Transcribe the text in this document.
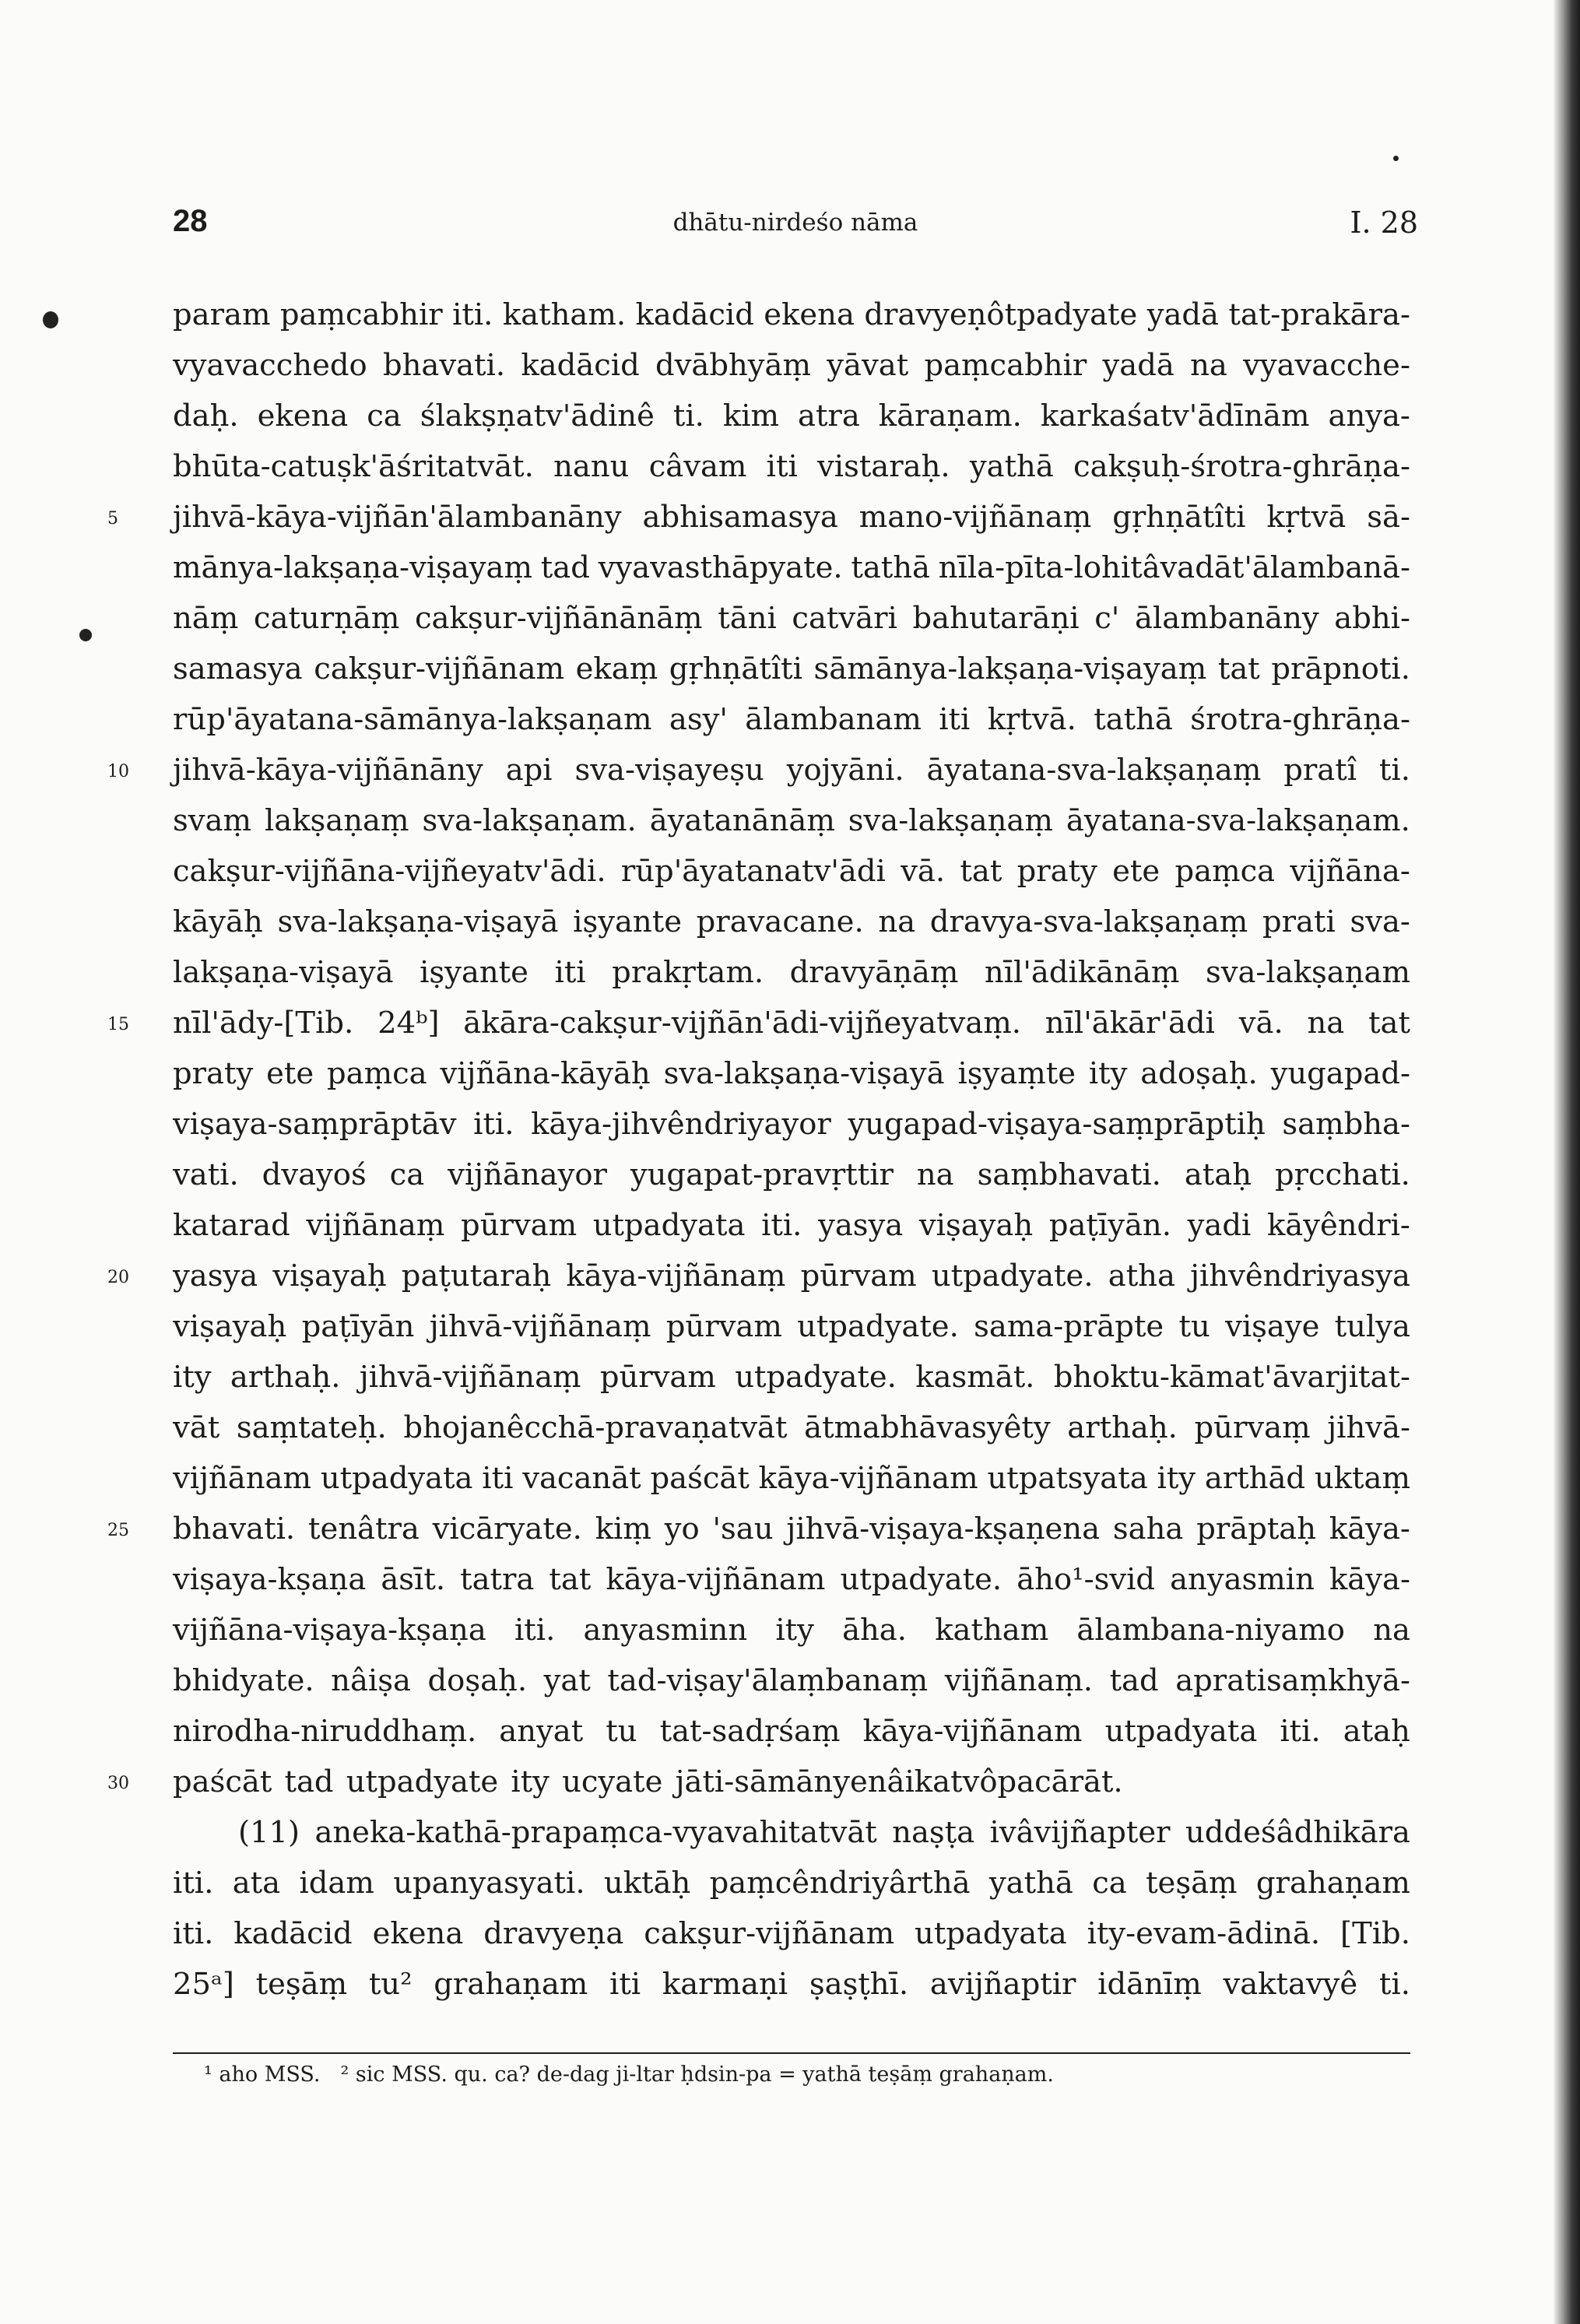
28	dhātu-nirdeśo nāma	I. 28
param paṃcabhir iti. katham. kadācid ekena dravyeṇôtpadyate yadā tat-prakāra-
vyavacchedo bhavati. kadācid dvābhyāṃ yāvat paṃcabhir yadā na vyavacche-
daḥ. ekena ca ślakṣṇatv'ādinê ti. kim atra kāraṇam. karkaśatv'ādīnām anya-
bhūta-catuṣk'āśritatvāt. nanu câvam iti vistaraḥ. yathā cakṣuḥ-śrotra-ghrāṇa-
5	jihvā-kāya-vijñān'ālambanāny abhisamasya mano-vijñānaṃ gṛhṇātîti kṛtvā sā-
mānya-lakṣaṇa-viṣayaṃ tad vyavasthāpyate. tathā nīla-pīta-lohitâvadāt'ālambanā-
nāṃ caturṇāṃ cakṣur-vijñānānāṃ tāni catvāri bahutarāṇi c' ālambanāny abhi-
samasya cakṣur-vijñānam ekaṃ gṛhṇātîti sāmānya-lakṣaṇa-viṣayaṃ tat prāpnoti.
rūp'āyatana-sāmānya-lakṣaṇam asy' ālambanam iti kṛtvā. tathā śrotra-ghrāṇa-
10	jihvā-kāya-vijñānāny api sva-viṣayeṣu yojyāni. āyatana-sva-lakṣaṇaṃ pratî ti.
svaṃ lakṣaṇaṃ sva-lakṣaṇam. āyatanānāṃ sva-lakṣaṇaṃ āyatana-sva-lakṣaṇam.
cakṣur-vijñāna-vijñeyatv'ādi. rūp'āyatanatv'ādi vā. tat praty ete paṃca vijñāna-
kāyāḥ sva-lakṣaṇa-viṣayā iṣyante pravacane. na dravya-sva-lakṣaṇaṃ prati sva-
lakṣaṇa-viṣayā iṣyante iti prakṛtam. dravyāṇāṃ nīl'ādikānāṃ sva-lakṣaṇam
15	nīl'ādy-[Tib. 24ᵇ] ākāra-cakṣur-vijñān'ādi-vijñeyatvaṃ. nīl'ākār'ādi vā. na tat
praty ete paṃca vijñāna-kāyāḥ sva-lakṣaṇa-viṣayā iṣyaṃte ity adoṣaḥ. yugapad-
viṣaya-saṃprāptāv iti. kāya-jihvêndriyayor yugapad-viṣaya-saṃprāptiḥ saṃbha-
vati. dvayoś ca vijñānayor yugapat-pravṛttir na saṃbhavati. ataḥ pṛcchati.
katarad vijñānaṃ pūrvam utpadyata iti. yasya viṣayaḥ paṭīyān. yadi kāyêndri-
20	yasya viṣayaḥ paṭutaraḥ kāya-vijñānaṃ pūrvam utpadyate. atha jihvêndriyasya
viṣayaḥ paṭīyān jihvā-vijñānaṃ pūrvam utpadyate. sama-prāpte tu viṣaye tulya
ity arthaḥ. jihvā-vijñānaṃ pūrvam utpadyate. kasmāt. bhoktu-kāmat'āvarjitat-
vāt saṃtateḥ. bhojanêcchā-pravaṇatvāt ātmabhāvasyêty arthaḥ. pūrvaṃ jihvā-
vijñānam utpadyata iti vacanāt paścāt kāya-vijñānam utpatsyata ity arthād uktaṃ
25	bhavati. tenâtra vicāryate. kiṃ yo 'sau jihvā-viṣaya-kṣaṇena saha prāptaḥ kāya-
viṣaya-kṣaṇa āsīt. tatra tat kāya-vijñānam utpadyate. āho¹-svid anyasmin kāya-
vijñāna-viṣaya-kṣaṇa iti. anyasminn ity āha. katham ālambana-niyamo na
bhidyate. nâiṣa doṣaḥ. yat tad-viṣay'ālaṃbanaṃ vijñānaṃ. tad apratisaṃkhyā-
nirodha-niruddhaṃ. anyat tu tat-sadṛśaṃ kāya-vijñānam utpadyata iti. ataḥ
30	paścāt tad utpadyate ity ucyate jāti-sāmānyenâikatvôpacārāt.
(11) aneka-kathā-prapaṃca-vyavahitatvāt naṣṭa ivâvijñapter uddeśâdhikāra
iti. ata idam upanyasyati. uktāḥ paṃcêndriyârthā yathā ca teṣāṃ grahaṇam
iti. kadācid ekena dravyeṇa cakṣur-vijñānam utpadyata ity-evam-ādinā. [Tib.
25ᵃ] teṣāṃ tu² grahaṇam iti karmaṇi ṣaṣṭhī. avijñaptir idānīṃ vaktavyê ti.
¹ aho MSS. ² sic MSS. qu. ca? de-dag ji-ltar ḥdsin-pa = yathā teṣāṃ grahaṇam.
